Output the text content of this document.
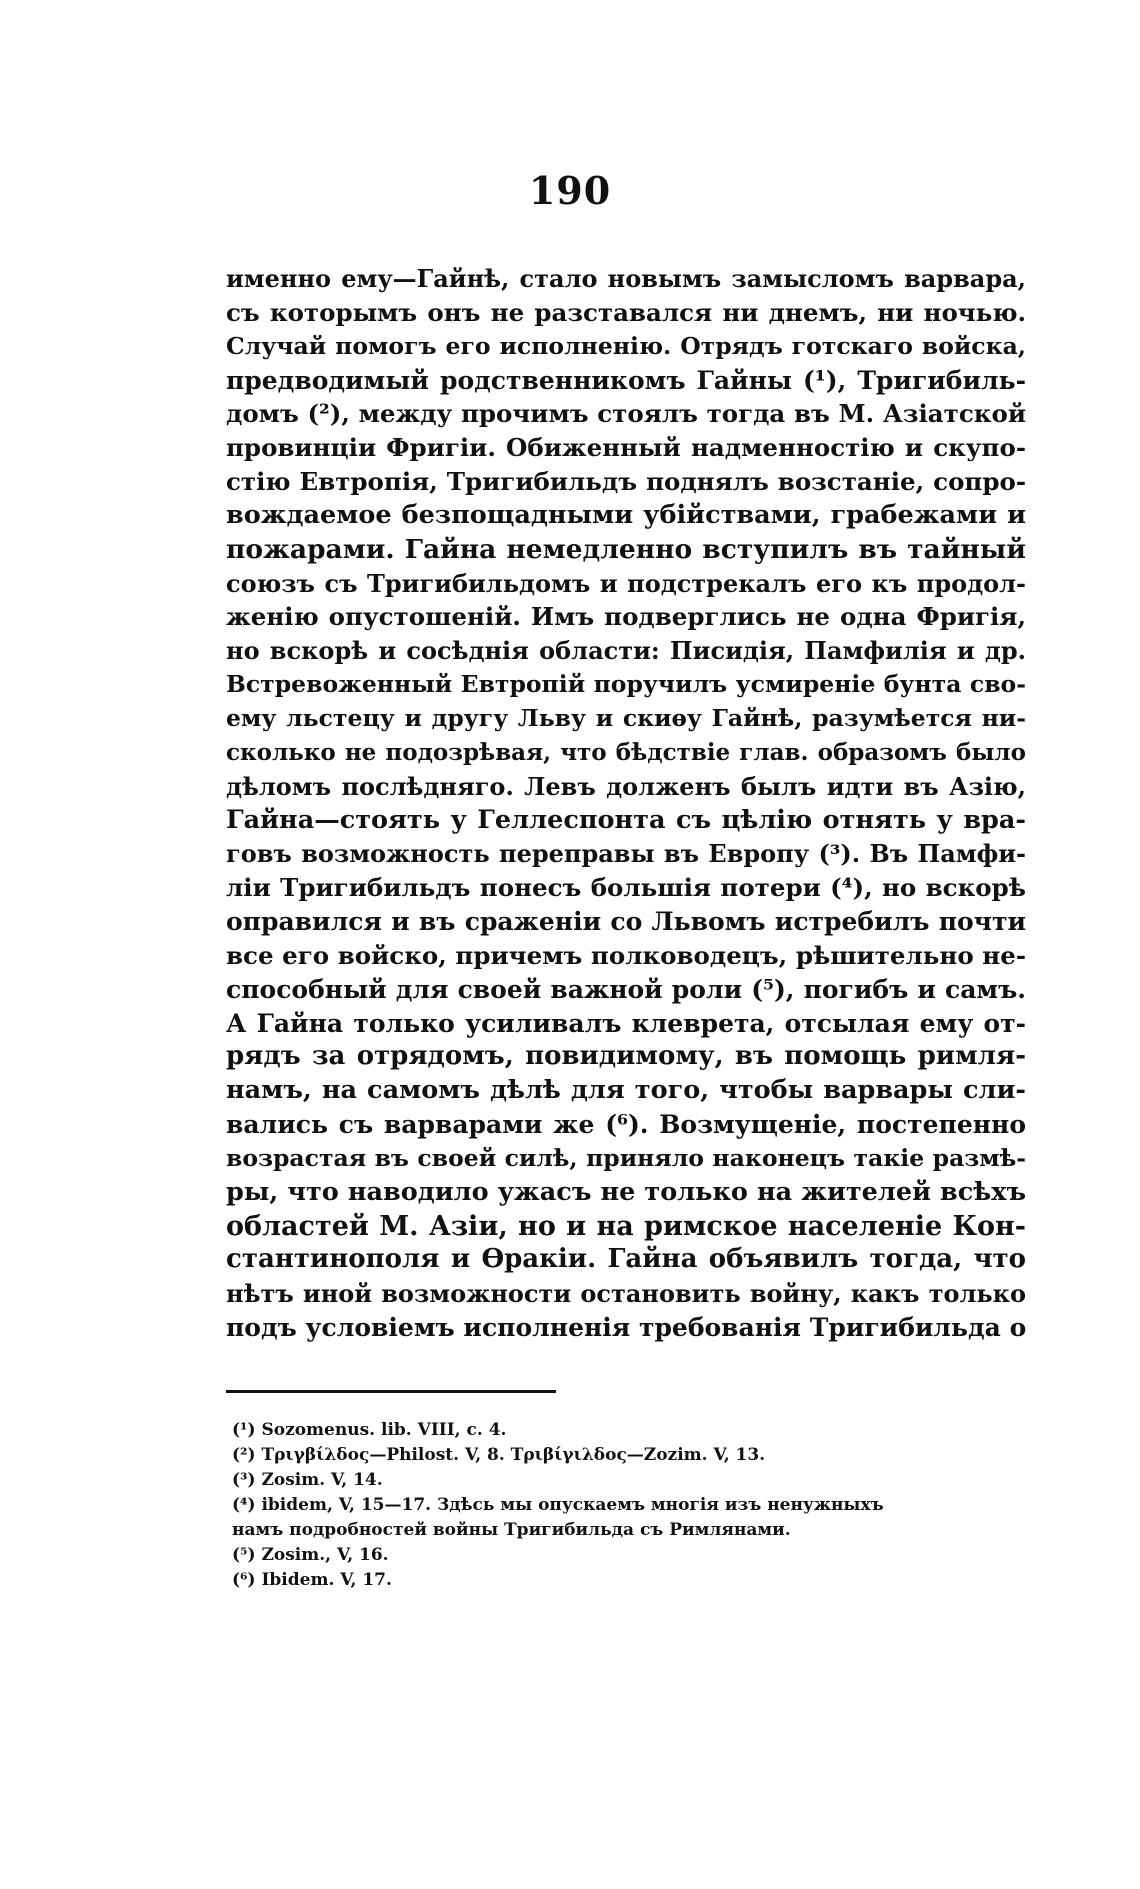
190
именно ему—Гайнѣ, стало новымъ замысломъ варвара,
съ которымъ онъ не разставался ни днемъ, ни ночью.
Случай помогъ его исполненію. Отрядъ готскаго войска,
предводимый родственникомъ Гайны (¹), Тригибиль-
домъ (²), между прочимъ стоялъ тогда въ М. Азіатской
провинціи Фригіи. Обиженный надменностію и скупо-
стію Евтропія, Тригибильдъ поднялъ возстаніе, сопро-
вождаемое безпощадными убійствами, грабежами и
пожарами. Гайна немедленно вступилъ въ тайный
союзъ съ Тригибильдомъ и подстрекалъ его къ продол-
женію опустошеній. Имъ подверглись не одна Фригія,
но вскорѣ и сосѣднія области: Писидія, Памфилія и др.
Встревоженный Евтропій поручилъ усмиреніе бунта сво-
ему льстецу и другу Льву и скиѳу Гайнѣ, разумѣется ни-
сколько не подозрѣвая, что бѣдствіе глав. образомъ было
дѣломъ послѣдняго. Левъ долженъ былъ идти въ Азію,
Гайна—стоять у Геллеспонта съ цѣлію отнять у вра-
говъ возможность переправы въ Европу (³). Въ Памфи-
ліи Тригибильдъ понесъ большія потери (⁴), но вскорѣ
оправился и въ сраженіи со Львомъ истребилъ почти
все его войско, причемъ полководецъ, рѣшительно не-
способный для своей важной роли (⁵), погибъ и самъ.
А Гайна только усиливалъ клеврета, отсылая ему от-
рядъ за отрядомъ, повидимому, въ помощь римля-
намъ, на самомъ дѣлѣ для того, чтобы варвары сли-
вались съ варварами же (⁶). Возмущеніе, постепенно
возрастая въ своей силѣ, приняло наконецъ такіе размѣ-
ры, что наводило ужасъ не только на жителей всѣхъ
областей М. Азіи, но и на римское населеніе Кон-
стантинополя и Ѳракіи. Гайна объявилъ тогда, что
нѣтъ иной возможности остановить войну, какъ только
подъ условіемъ исполненія требованія Тригибильда о
(¹) Sozomenus. lib. VIII, c. 4.
(²) Τριγβίλδος—Philost. V, 8. Τριβίγιλδος—Zozim. V, 13.
(³) Zosim. V, 14.
(⁴) ibidem, V, 15—17. Здѣсь мы опускаемъ многія изъ ненужныхъ
намъ подробностей войны Тригибильда съ Римлянами.
(⁵) Zosim., V, 16.
(⁶) Ibidem. V, 17.
